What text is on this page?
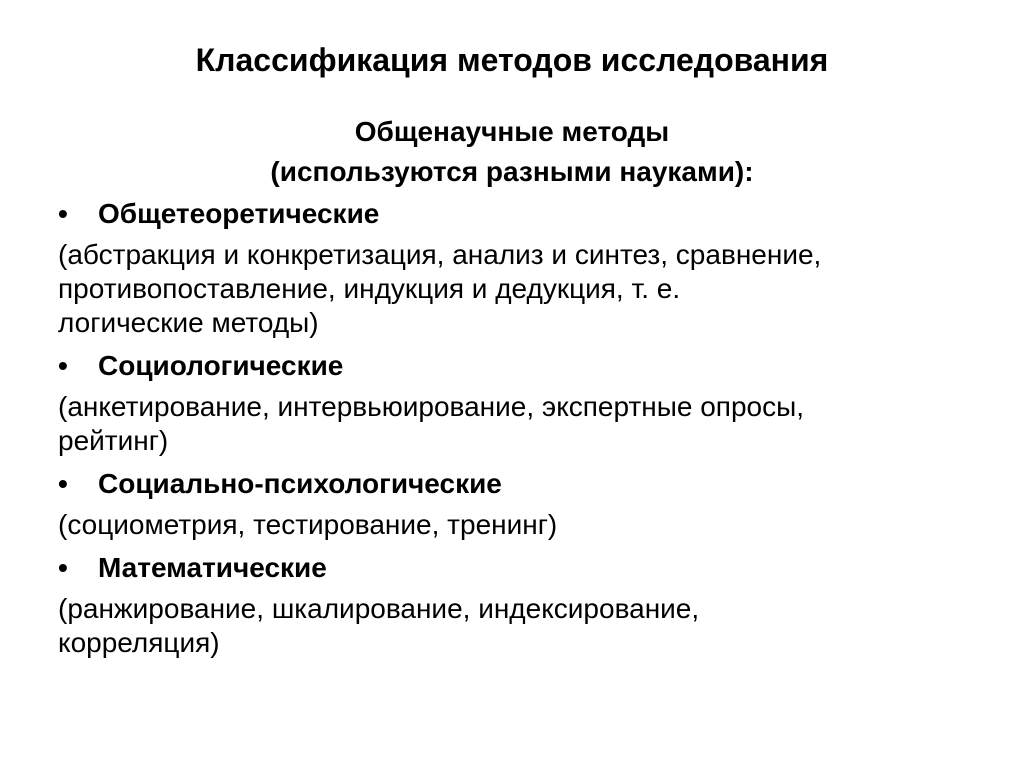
Классификация методов исследования
Общенаучные методы
(используются разными науками):
•	Общетеоретические
(абстракция и конкретизация, анализ и синтез, сравнение,
противопоставление, индукция и дедукция, т. е.
логические методы)
•	Социологические
(анкетирование, интервьюирование, экспертные опросы,
рейтинг)
•	Социально-психологические
(социометрия, тестирование, тренинг)
•	Математические
(ранжирование, шкалирование, индексирование,
корреляция)
